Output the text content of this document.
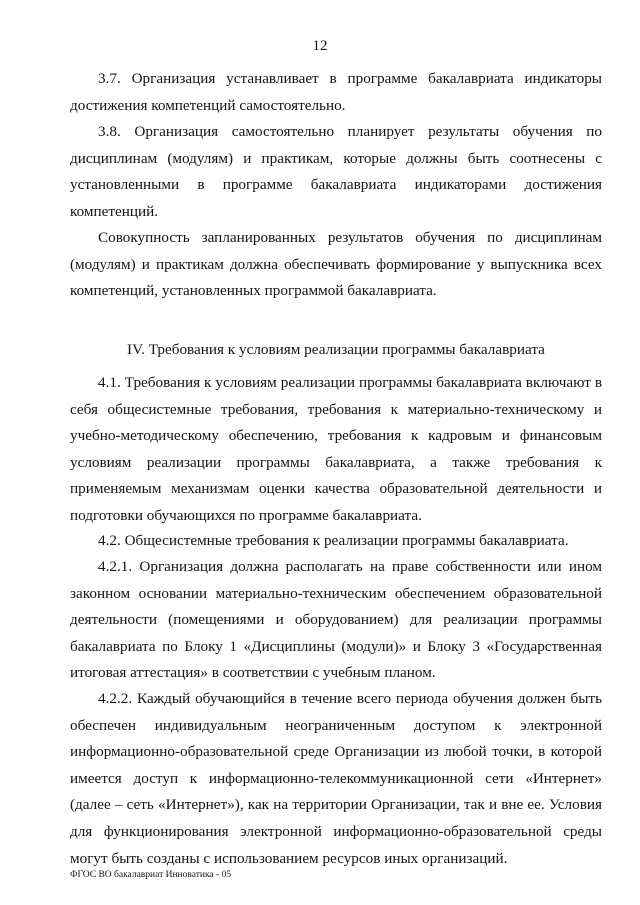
12
3.7. Организация устанавливает в программе бакалавриата индикаторы достижения компетенций самостоятельно.
3.8. Организация самостоятельно планирует результаты обучения по дисциплинам (модулям) и практикам, которые должны быть соотнесены с установленными в программе бакалавриата индикаторами достижения компетенций.
Совокупность запланированных результатов обучения по дисциплинам (модулям) и практикам должна обеспечивать формирование у выпускника всех компетенций, установленных программой бакалавриата.
IV. Требования к условиям реализации программы бакалавриата
4.1. Требования к условиям реализации программы бакалавриата включают в себя общесистемные требования, требования к материально-техническому и учебно-методическому обеспечению, требования к кадровым и финансовым условиям реализации программы бакалавриата, а также требования к применяемым механизмам оценки качества образовательной деятельности и подготовки обучающихся по программе бакалавриата.
4.2. Общесистемные требования к реализации программы бакалавриата.
4.2.1. Организация должна располагать на праве собственности или ином законном основании материально-техническим обеспечением образовательной деятельности (помещениями и оборудованием) для реализации программы бакалавриата по Блоку 1 «Дисциплины (модули)» и Блоку 3 «Государственная итоговая аттестация» в соответствии с учебным планом.
4.2.2. Каждый обучающийся в течение всего периода обучения должен быть обеспечен индивидуальным неограниченным доступом к электронной информационно-образовательной среде Организации из любой точки, в которой имеется доступ к информационно-телекоммуникационной сети «Интернет» (далее – сеть «Интернет»), как на территории Организации, так и вне ее. Условия для функционирования электронной информационно-образовательной среды могут быть созданы с использованием ресурсов иных организаций.
ФГОС ВО бакалавриат Инноватика - 05
